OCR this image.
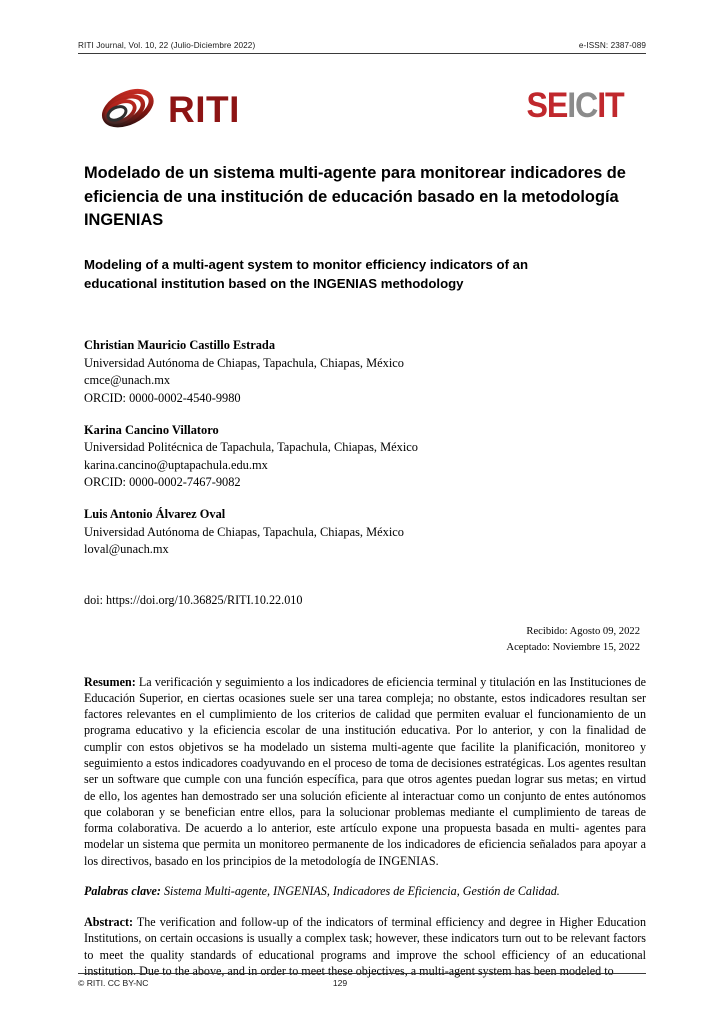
RITI Journal, Vol. 10, 22 (Julio-Diciembre 2022)	e-ISSN: 2387-089
RITI	SEICIT
Modelado de un sistema multi-agente para monitorear indicadores de eficiencia de una institución de educación basado en la metodología INGENIAS
Modeling of a multi-agent system to monitor efficiency indicators of an educational institution based on the INGENIAS methodology
Christian Mauricio Castillo Estrada
Universidad Autónoma de Chiapas, Tapachula, Chiapas, México
cmce@unach.mx
ORCID: 0000-0002-4540-9980
Karina Cancino Villatoro
Universidad Politécnica de Tapachula, Tapachula, Chiapas, México
karina.cancino@uptapachula.edu.mx
ORCID: 0000-0002-7467-9082
Luis Antonio Álvarez Oval
Universidad Autónoma de Chiapas, Tapachula, Chiapas, México
loval@unach.mx
doi: https://doi.org/10.36825/RITI.10.22.010
Recibido: Agosto 09, 2022
Aceptado: Noviembre 15, 2022

Resumen: La verificación y seguimiento a los indicadores de eficiencia terminal y titulación en las Instituciones de Educación Superior, en ciertas ocasiones suele ser una tarea compleja; no obstante, estos indicadores resultan ser factores relevantes en el cumplimiento de los criterios de calidad que permiten evaluar el funcionamiento de un programa educativo y la eficiencia escolar de una institución educativa. Por lo anterior, y con la finalidad de cumplir con estos objetivos se ha modelado un sistema multi-agente que facilite la planificación, monitoreo y seguimiento a estos indicadores coadyuvando en el proceso de toma de decisiones estratégicas. Los agentes resultan ser un software que cumple con una función específica, para que otros agentes puedan lograr sus metas; en virtud de ello, los agentes han demostrado ser una solución eficiente al interactuar como un conjunto de entes autónomos que colaboran y se benefician entre ellos, para la solucionar problemas mediante el cumplimiento de tareas de forma colaborativa. De acuerdo a lo anterior, este artículo expone una propuesta basada en multi- agentes para modelar un sistema que permita un monitoreo permanente de los indicadores de eficiencia señalados para apoyar a los directivos, basado en los principios de la metodología de INGENIAS.

Palabras clave: Sistema Multi-agente, INGENIAS, Indicadores de Eficiencia, Gestión de Calidad.

Abstract: The verification and follow-up of the indicators of terminal efficiency and degree in Higher Education Institutions, on certain occasions is usually a complex task; however, these indicators turn out to be relevant factors to meet the quality standards of educational programs and improve the school efficiency of an educational institution. Due to the above, and in order to meet these objectives, a multi-agent system has been modeled to

© RITI. CC BY-NC	129
